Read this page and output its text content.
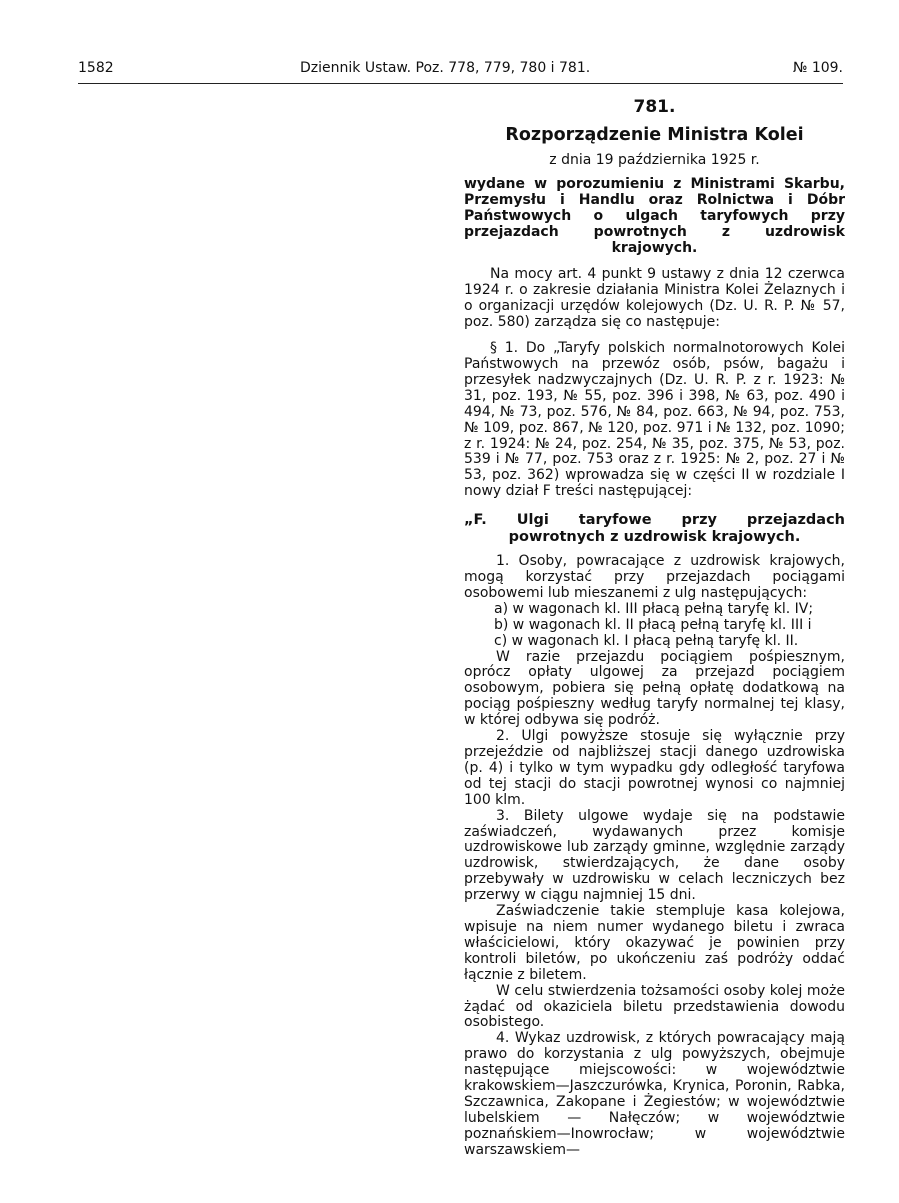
1582	Dziennik Ustaw. Poz. 778, 779, 780 i 781.	№ 109.
781.
Rozporządzenie Ministra Kolei
z dnia 19 października 1925 r.
wydane w porozumieniu z Ministrami Skarbu, Przemysłu i Handlu oraz Rolnictwa i Dóbr Państwowych o ulgach taryfowych przy przejazdach powrotnych z uzdrowisk krajowych.

Na mocy art. 4 punkt 9 ustawy z dnia 12 czerwca 1924 r. o zakresie działania Ministra Kolei Żelaznych i o organizacji urzędów kolejowych (Dz. U. R. P. № 57, poz. 580) zarządza się co następuje:

§ 1. Do „Taryfy polskich normalnotorowych Kolei Państwowych na przewóz osób, psów, bagażu i przesyłek nadzwyczajnych (Dz. U. R. P. z r. 1923: № 31, poz. 193, № 55, poz. 396 i 398, № 63, poz. 490 i 494, № 73, poz. 576, № 84, poz. 663, № 94, poz. 753, № 109, poz. 867, № 120, poz. 971 i № 132, poz. 1090; z r. 1924: № 24, poz. 254, № 35, poz. 375, № 53, poz. 539 i № 77, poz. 753 oraz z r. 1925: № 2, poz. 27 i № 53, poz. 362) wprowadza się w części II w rozdziale I nowy dział F treści następującej:

„F. Ulgi taryfowe przy przejazdach powrotnych z uzdrowisk krajowych.

1. Osoby, powracające z uzdrowisk krajowych, mogą korzystać przy przejazdach pociągami osobowemi lub mieszanemi z ulg następujących:

a) w wagonach kl. III płacą pełną taryfę kl. IV;

b) w wagonach kl. II płacą pełną taryfę kl. III i

c) w wagonach kl. I płacą pełną taryfę kl. II.

W razie przejazdu pociągiem pośpiesznym, oprócz opłaty ulgowej za przejazd pociągiem osobowym, pobiera się pełną opłatę dodatkową na pociąg pośpieszny według taryfy normalnej tej klasy, w której odbywa się podróż.

2. Ulgi powyższe stosuje się wyłącznie przy przejeździe od najbliższej stacji danego uzdrowiska (p. 4) i tylko w tym wypadku gdy odległość taryfowa od tej stacji do stacji powrotnej wynosi co najmniej 100 klm.

3. Bilety ulgowe wydaje się na podstawie zaświadczeń, wydawanych przez komisje uzdrowiskowe lub zarządy gminne, względnie zarządy uzdrowisk, stwierdzających, że dane osoby przebywały w uzdrowisku w celach leczniczych bez przerwy w ciągu najmniej 15 dni.

Zaświadczenie takie stempluje kasa kolejowa, wpisuje na niem numer wydanego biletu i zwraca właścicielowi, który okazywać je powinien przy kontroli biletów, po ukończeniu zaś podróży oddać łącznie z biletem.

W celu stwierdzenia tożsamości osoby kolej może żądać od okaziciela biletu przedstawienia dowodu osobistego.

4. Wykaz uzdrowisk, z których powracający mają prawo do korzystania z ulg powyższych, obejmuje następujące miejscowości: w województwie krakowskiem—Jaszczurówka, Krynica, Poronin, Rabka, Szczawnica, Zakopane i Żegiestów; w województwie lubelskiem — Nałęczów; w województwie poznańskiem—Inowrocław; w województwie warszawskiem—
